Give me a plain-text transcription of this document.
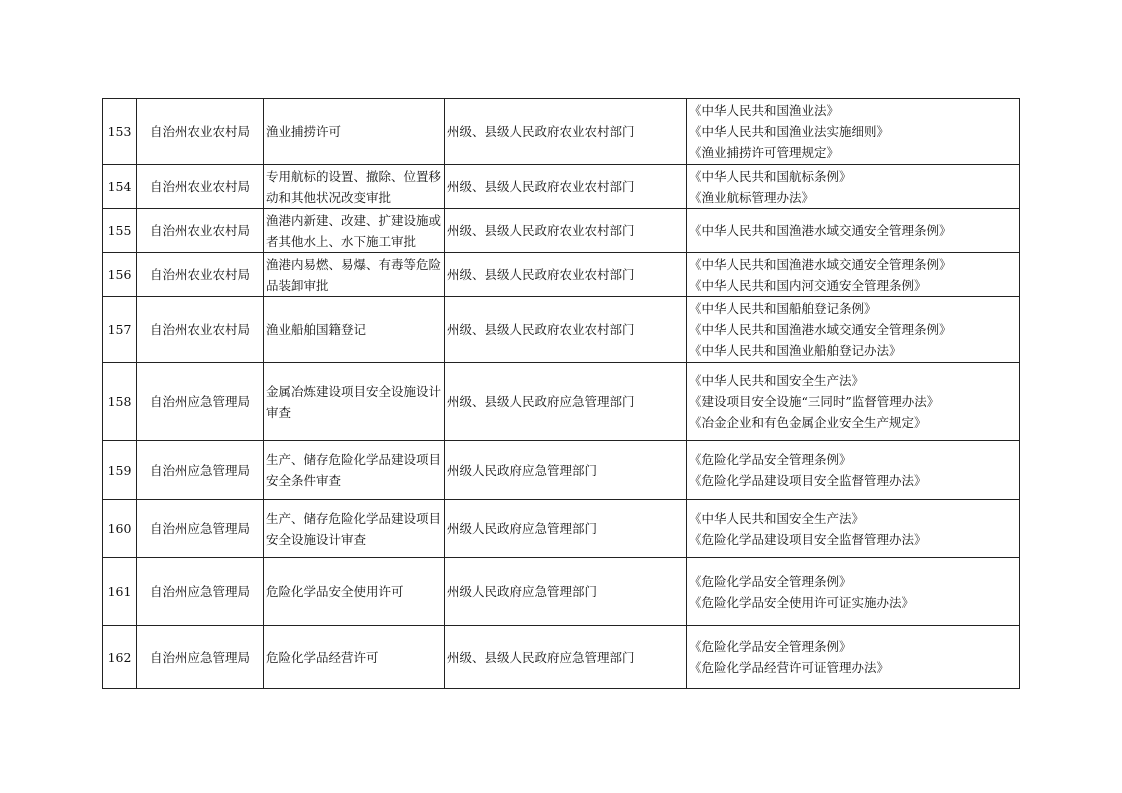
153	自治州农业农村局	渔业捕捞许可	州级、县级人民政府农业农村部门	《中华人民共和国渔业法》
《中华人民共和国渔业法实施细则》
《渔业捕捞许可管理规定》

154	自治州农业农村局	专用航标的设置、撤除、位置移动和其他状况改变审批	州级、县级人民政府农业农村部门	《中华人民共和国航标条例》
《渔业航标管理办法》

155	自治州农业农村局	渔港内新建、改建、扩建设施或者其他水上、水下施工审批	州级、县级人民政府农业农村部门	《中华人民共和国渔港水域交通安全管理条例》

156	自治州农业农村局	渔港内易燃、易爆、有毒等危险品装卸审批	州级、县级人民政府农业农村部门	《中华人民共和国渔港水域交通安全管理条例》
《中华人民共和国内河交通安全管理条例》

157	自治州农业农村局	渔业船舶国籍登记	州级、县级人民政府农业农村部门	《中华人民共和国船舶登记条例》
《中华人民共和国渔港水域交通安全管理条例》
《中华人民共和国渔业船舶登记办法》

158	自治州应急管理局	金属冶炼建设项目安全设施设计审查	州级、县级人民政府应急管理部门	《中华人民共和国安全生产法》
《建设项目安全设施“三同时”监督管理办法》
《冶金企业和有色金属企业安全生产规定》

159	自治州应急管理局	生产、储存危险化学品建设项目安全条件审查	州级人民政府应急管理部门	《危险化学品安全管理条例》
《危险化学品建设项目安全监督管理办法》

160	自治州应急管理局	生产、储存危险化学品建设项目安全设施设计审查	州级人民政府应急管理部门	《中华人民共和国安全生产法》
《危险化学品建设项目安全监督管理办法》

161	自治州应急管理局	危险化学品安全使用许可	州级人民政府应急管理部门	《危险化学品安全管理条例》
《危险化学品安全使用许可证实施办法》

162	自治州应急管理局	危险化学品经营许可	州级、县级人民政府应急管理部门	《危险化学品安全管理条例》
《危险化学品经营许可证管理办法》
